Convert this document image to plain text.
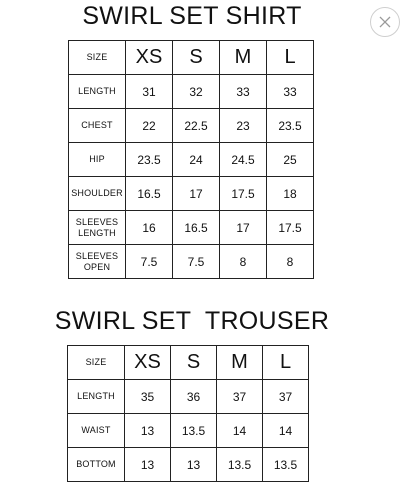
SWIRL SET SHIRT
SIZE	XS	S	M	L

LENGTH	31	32	33	33

CHEST	22	22.5	23	23.5

HIP	23.5	24	24.5	25

SHOULDER	16.5	17	17.5	18

SLEEVES
LENGTH	16	16.5	17	17.5

SLEEVES
OPEN	7.5	7.5	8	8
SWIRL SET  TROUSER
SIZE	XS	S	M	L

LENGTH	35	36	37	37

WAIST	13	13.5	14	14

BOTTOM	13	13	13.5	13.5
